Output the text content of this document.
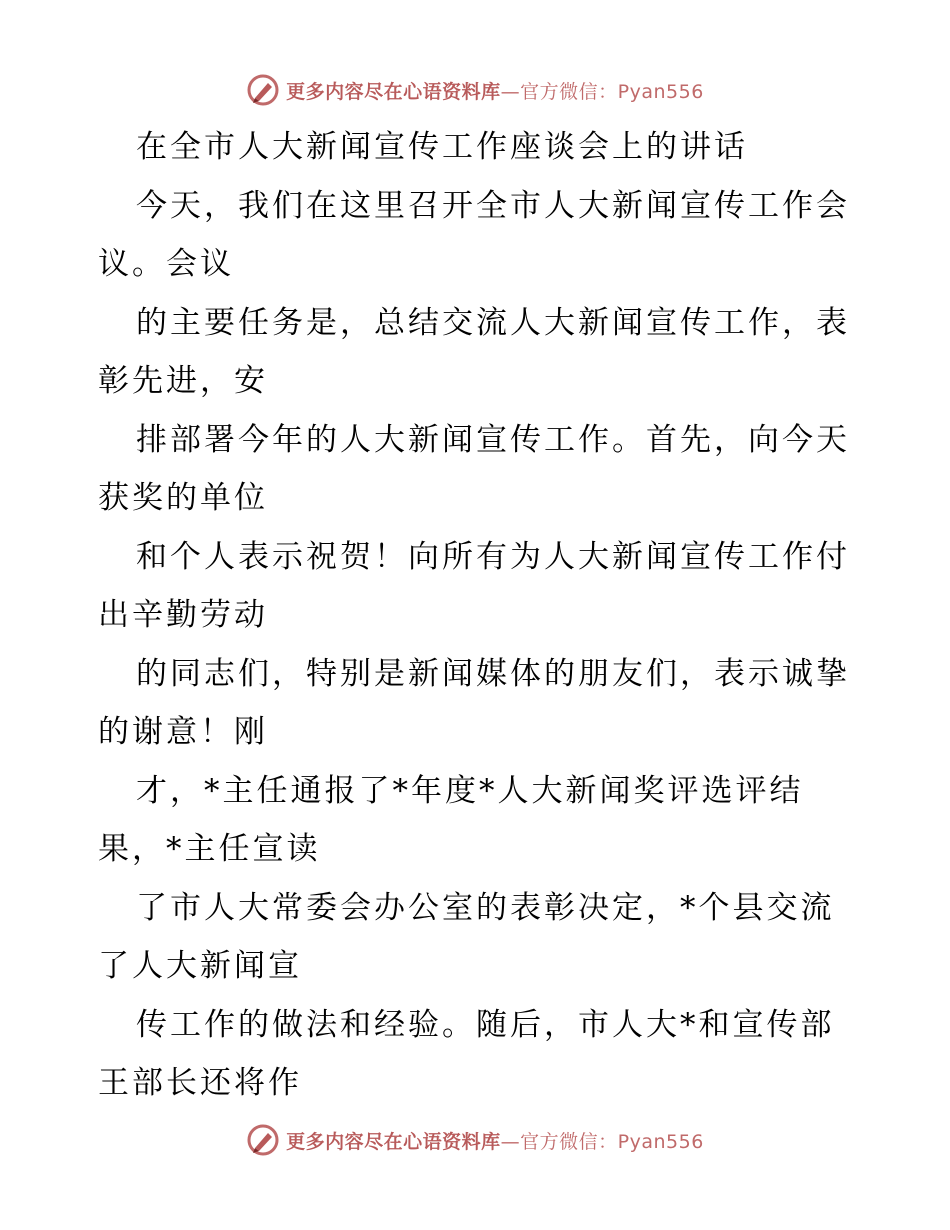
更多内容尽在心语资料库—官方微信：Pyan556
在全市人大新闻宣传工作座谈会上的讲话
今天，我们在这里召开全市人大新闻宣传工作会
议。会议
的主要任务是，总结交流人大新闻宣传工作，表
彰先进，安
排部署今年的人大新闻宣传工作。首先，向今天
获奖的单位
和个人表示祝贺！向所有为人大新闻宣传工作付
出辛勤劳动
的同志们，特别是新闻媒体的朋友们，表示诚挚
的谢意！刚
才，*主任通报了*年度*人大新闻奖评选评结
果，*主任宣读
了市人大常委会办公室的表彰决定，*个县交流
了人大新闻宣
传工作的做法和经验。随后，市人大*和宣传部
王部长还将作
更多内容尽在心语资料库—官方微信：Pyan556
